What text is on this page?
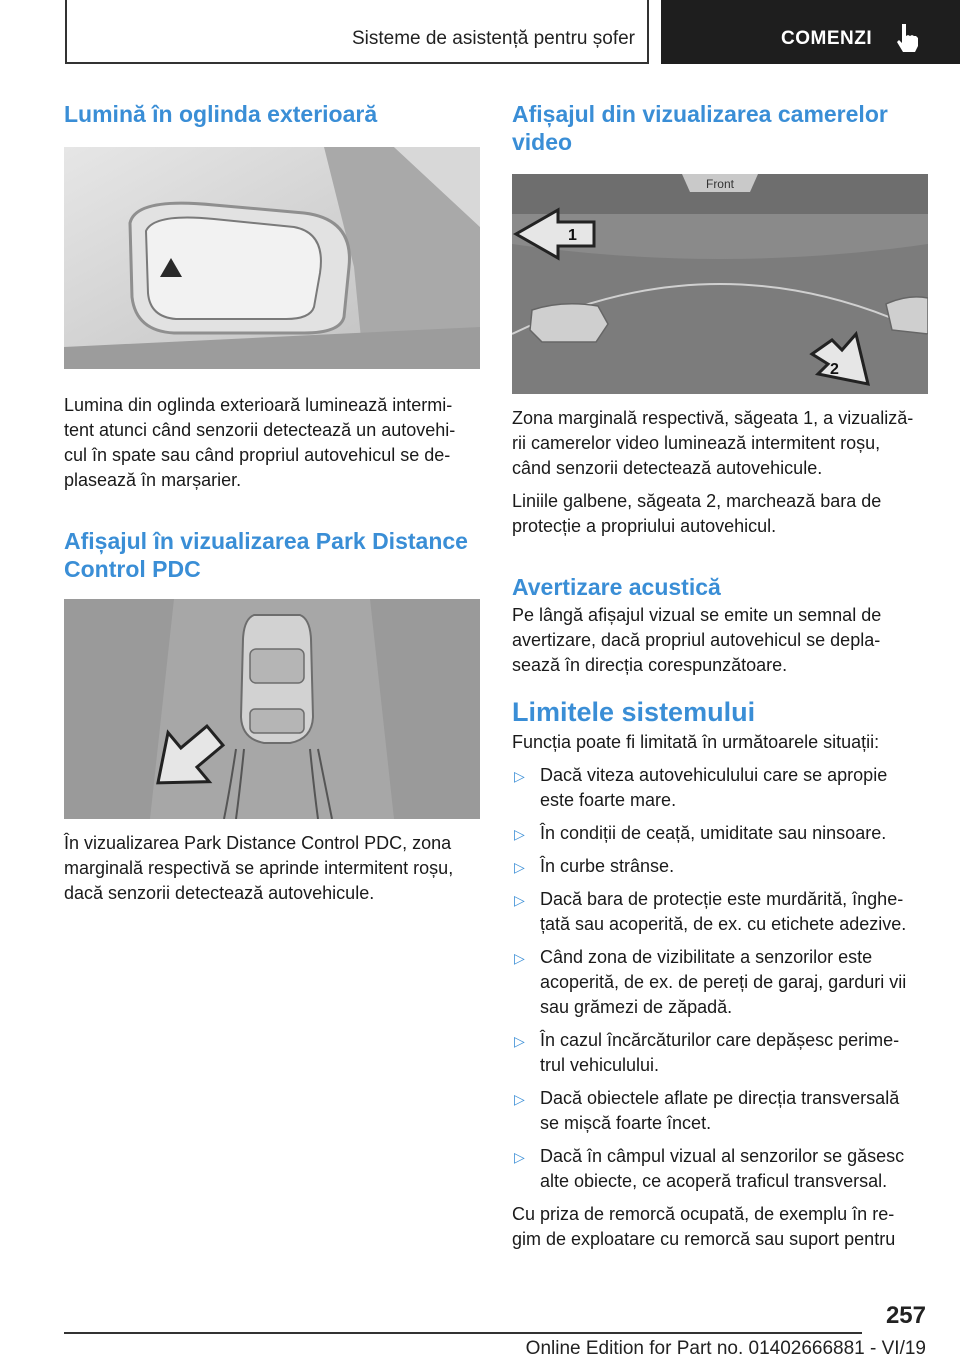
Sisteme de asistență pentru șofer	COMENZI
Lumină în oglinda exterioară

Lumina din oglinda exterioară luminează intermi-

tent atunci când senzorii detectează un autovehi-

cul în spate sau când propriul autovehicul se de-

plasează în marșarier.

Afișajul în vizualizarea Park Distance
Control PDC

În vizualizarea Park Distance Control PDC, zona

marginală respectivă se aprinde intermitent roșu,

dacă senzorii detectează autovehicule.

Afișajul din vizualizarea camerelor
video
Front
1
2

Zona marginală respectivă, săgeata 1, a vizualiză-

rii camerelor video luminează intermitent roșu,

când senzorii detectează autovehicule.

Liniile galbene, săgeata 2, marchează bara de

protecție a propriului autovehicul.

Avertizare acustică

Pe lângă afișajul vizual se emite un semnal de

avertizare, dacă propriul autovehicul se depla-

sează în direcția corespunzătoare.

Limitele sistemului

Funcția poate fi limitată în următoarele situații:

▷ Dacă viteza autovehiculului care se apropie
este foarte mare.
▷ În condiții de ceață, umiditate sau ninsoare.
▷ În curbe strânse.
▷ Dacă bara de protecție este murdărită, înghe-
țată sau acoperită, de ex. cu etichete adezive.
▷ Când zona de vizibilitate a senzorilor este
acoperită, de ex. de pereți de garaj, garduri vii
sau grămezi de zăpadă.
▷ În cazul încărcăturilor care depășesc perime-
trul vehiculului.
▷ Dacă obiectele aflate pe direcția transversală
se mișcă foarte încet.
▷ Dacă în câmpul vizual al senzorilor se găsesc
alte obiecte, ce acoperă traficul transversal.

Cu priza de remorcă ocupată, de exemplu în re-

gim de exploatare cu remorcă sau suport pentru

257
Online Edition for Part no. 01402666881 - VI/19
